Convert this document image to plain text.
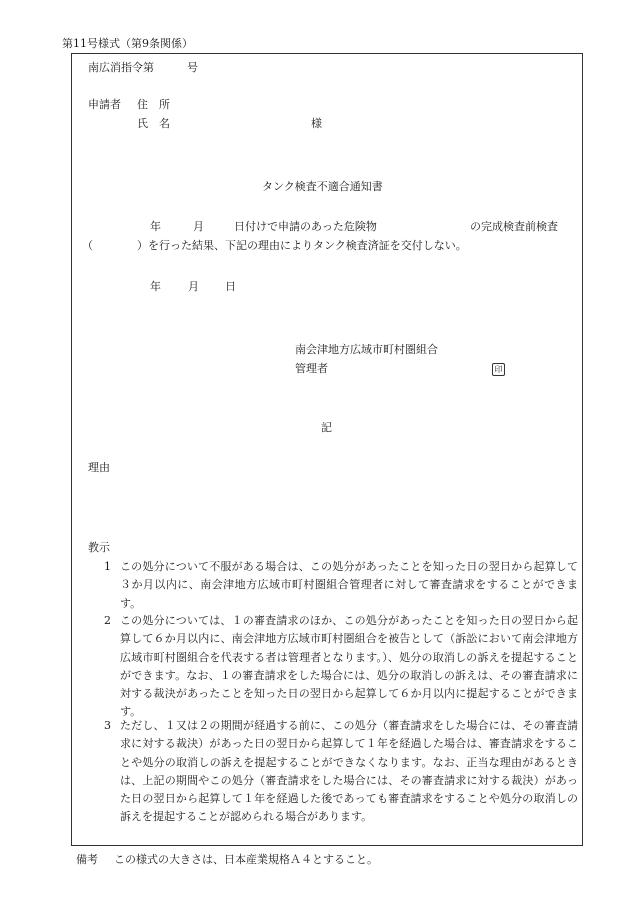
第11号様式（第9条関係）
南広消指令第　　　号
申請者 住　所
氏　名	様
タンク検査不適合通知書
年	月	日付けで申請のあった危険物	の完成検査前検査
（　　　　）を行った結果、下記の理由によりタンク検査済証を交付しない。
年 月 日
南会津地方広域市町村圏組合
管理者	印
記
理由
教示
1 この処分について不服がある場合は、この処分があったことを知った日の翌日から起算して３か月以内に、南会津地方広域市町村圏組合管理者に対して審査請求をすることができます。
2 この処分については、１の審査請求のほか、この処分があったことを知った日の翌日から起算して６か月以内に、南会津地方広域市町村圏組合を被告として（訴訟において南会津地方広域市町村圏組合を代表する者は管理者となります。）、処分の取消しの訴えを提起することができます。なお、１の審査請求をした場合には、処分の取消しの訴えは、その審査請求に対する裁決があったことを知った日の翌日から起算して６か月以内に提起することができます。
3 ただし、１又は２の期間が経過する前に、この処分（審査請求をした場合には、その審査請求に対する裁決）があった日の翌日から起算して１年を経過した場合は、審査請求をすることや処分の取消しの訴えを提起することができなくなります。なお、正当な理由があるときは、上記の期間やこの処分（審査請求をした場合には、その審査請求に対する裁決）があった日の翌日から起算して１年を経過した後であっても審査請求をすることや処分の取消しの訴えを提起することが認められる場合があります。
備考 この様式の大きさは、日本産業規格Ａ４とすること。
